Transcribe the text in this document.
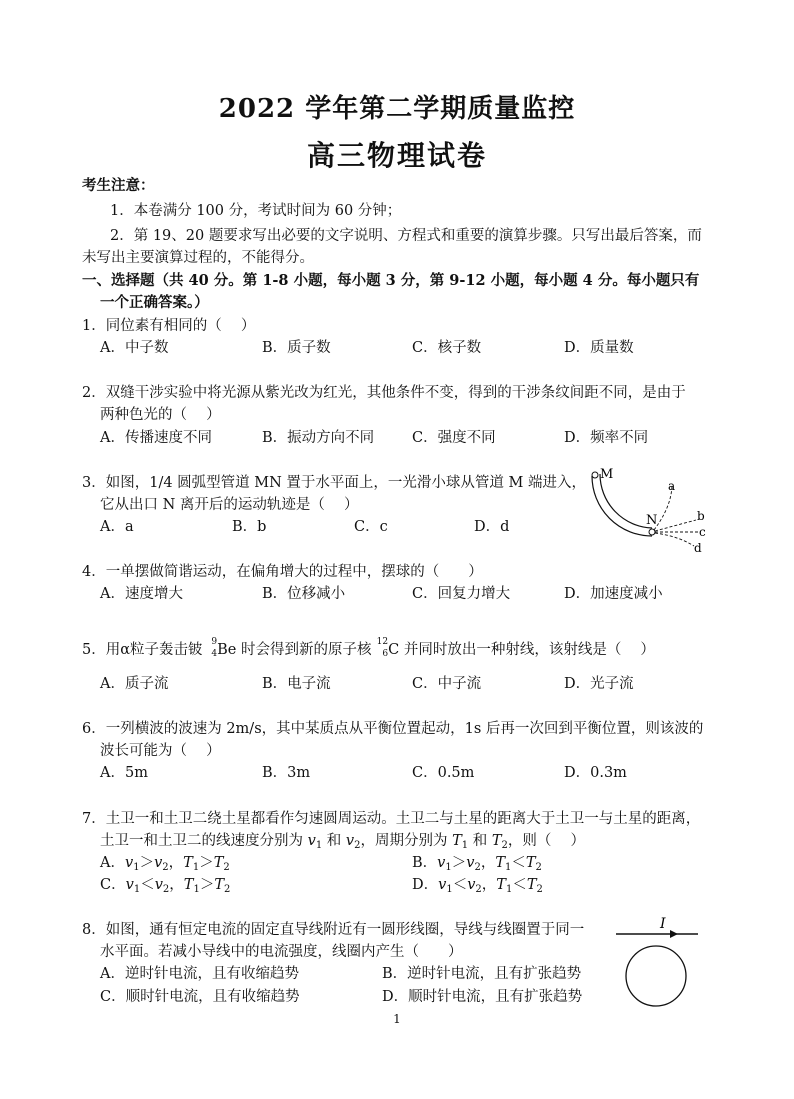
2022 学年第二学期质量监控
高三物理试卷
考生注意：
1．本卷满分 100 分，考试时间为 60 分钟；
2．第 19、20 题要求写出必要的文字说明、方程式和重要的演算步骤。只写出最后答案，而
未写出主要演算过程的，不能得分。
一、选择题（共 40 分。第 1-8 小题，每小题 3 分，第 9-12 小题，每小题 4 分。每小题只有
一个正确答案。）
1．同位素有相同的（　 ）
A．中子数	B．质子数	C．核子数	D．质量数
2．双缝干涉实验中将光源从紫光改为红光，其他条件不变，得到的干涉条纹间距不同，是由于
两种色光的（　 ）
A．传播速度不同	B．振动方向不同	C．强度不同	D．频率不同
3．如图，1/4 圆弧型管道 MN 置于水平面上，一光滑小球从管道 M 端进入，
它从出口 N 离开后的运动轨迹是（　 ）
A．a	B．b	C．c	D．d
M
N
a
b
c
d
4．一单摆做简谐运动，在偏角增大的过程中，摆球的（　　）
A．速度增大	B．位移减小	C．回复力增大	D．加速度减小
5．用α粒子轰击铍 9
4 Be 时会得到新的原子核 12
6 C 并同时放出一种射线，该射线是（　 ）
A．质子流	B．电子流	C．中子流	D．光子流
6．一列横波的波速为 2m/s，其中某质点从平衡位置起动，1s 后再一次回到平衡位置，则该波的
波长可能为（　 ）
A．5m	B．3m	C．0.5m	D．0.3m
7．土卫一和土卫二绕土星都看作匀速圆周运动。土卫二与土星的距离大于土卫一与土星的距离，
土卫一和土卫二的线速度分别为 $v_1$ 和 $v_2$，周期分别为 $T_1$ 和 $T_2$，则（　 ）
A．$v_1>v_2$，$T_1>T_2$	B．$v_1>v_2$，$T_1<T_2$
C．$v_1<v_2$，$T_1>T_2$	D．$v_1<v_2$，$T_1<T_2$
8．如图，通有恒定电流的固定直导线附近有一圆形线圈，导线与线圈置于同一
水平面。若减小导线中的电流强度，线圈内产生（　　）
A．逆时针电流，且有收缩趋势	B．逆时针电流，且有扩张趋势
C．顺时针电流，且有收缩趋势	D．顺时针电流，且有扩张趋势
I
1
